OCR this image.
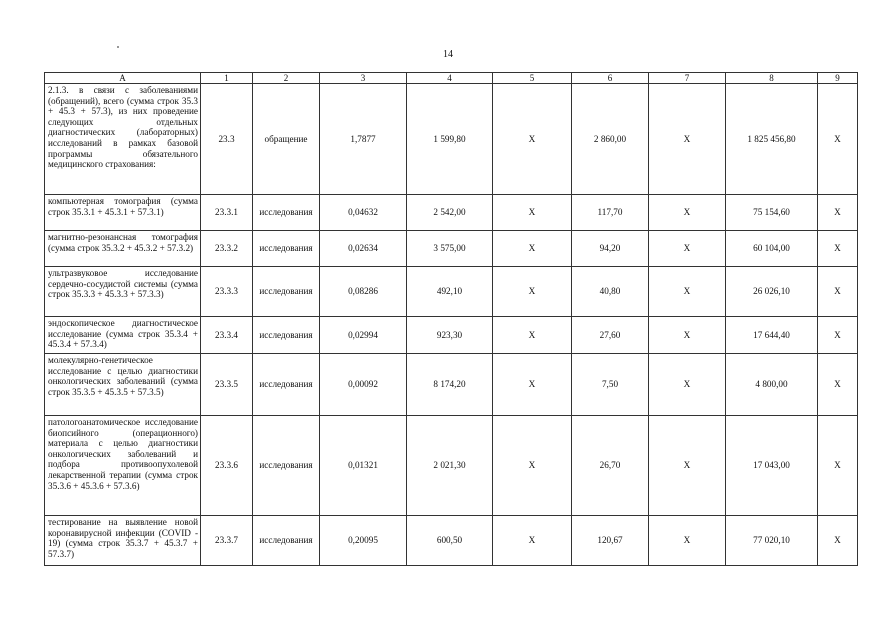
14
A	1	2	3	4	5	6	7	8	9
2.1.3. в связи с заболеваниями (обращений), всего (сумма строк 35.3 + 45.3 + 57.3), из них проведение следующих отдельных диагностических (лабораторных) исследований в рамках базовой программы обязательного медицинского страхования:	23.3	обращение	1,7877	1 599,80	X	2 860,00	X	1 825 456,80	X
компьютерная томография (сумма строк 35.3.1 + 45.3.1 + 57.3.1)	23.3.1	исследования	0,04632	2 542,00	X	117,70	X	75 154,60	X
магнитно-резонансная томография (сумма строк 35.3.2 + 45.3.2 + 57.3.2)	23.3.2	исследования	0,02634	3 575,00	X	94,20	X	60 104,00	X
ультразвуковое исследование сердечно-сосудистой системы (сумма строк 35.3.3 + 45.3.3 + 57.3.3)	23.3.3	исследования	0,08286	492,10	X	40,80	X	26 026,10	X
эндоскопическое диагностическое исследование (сумма строк 35.3.4 + 45.3.4 + 57.3.4)	23.3.4	исследования	0,02994	923,30	X	27,60	X	17 644,40	X
молекулярно-генетическое исследование с целью диагностики онкологических заболеваний (сумма строк 35.3.5 + 45.3.5 + 57.3.5)	23.3.5	исследования	0,00092	8 174,20	X	7,50	X	4 800,00	X
патологоанатомическое исследование биопсийного (операционного) материала с целью диагностики онкологических заболеваний и подбора противоопухолевой лекарственной терапии (сумма строк 35.3.6 + 45.3.6 + 57.3.6)	23.3.6	исследования	0,01321	2 021,30	X	26,70	X	17 043,00	X
тестирование на выявление новой коронавирусной инфекции (COVID - 19) (сумма строк 35.3.7 + 45.3.7 + 57.3.7)	23.3.7	исследования	0,20095	600,50	X	120,67	X	77 020,10	X
